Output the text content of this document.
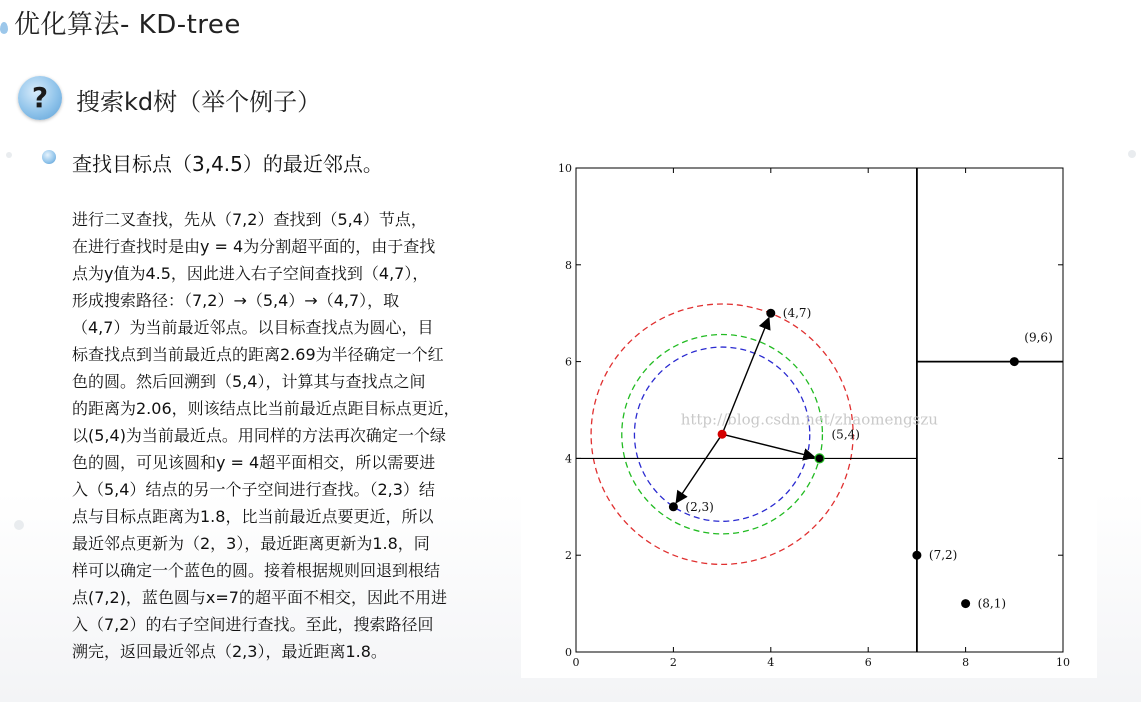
优化算法- KD-tree
? 搜索kd树（举个例子）
查找目标点（3,4.5）的最近邻点。
进行二叉查找，先从（7,2）查找到（5,4）节点，
在进行查找时是由y = 4为分割超平面的，由于查找
点为y值为4.5，因此进入右子空间查找到（4,7），
形成搜索路径：（7,2）→（5,4）→（4,7），取
（4,7）为当前最近邻点。以目标查找点为圆心，目
标查找点到当前最近点的距离2.69为半径确定一个红
色的圆。然后回溯到（5,4），计算其与查找点之间
的距离为2.06，则该结点比当前最近点距目标点更近，
以(5,4)为当前最近点。用同样的方法再次确定一个绿
色的圆，可见该圆和y = 4超平面相交，所以需要进
入（5,4）结点的另一个子空间进行查找。（2,3）结
点与目标点距离为1.8，比当前最近点要更近，所以
最近邻点更新为（2，3），最近距离更新为1.8，同
样可以确定一个蓝色的圆。接着根据规则回退到根结
点(7,2)，蓝色圆与x=7的超平面不相交，因此不用进
入（7,2）的右子空间进行查找。至此，搜索路径回
溯完，返回最近邻点（2,3），最近距离1.8。
http://blog.csdn.net/zhaomengszu
(2,3)
(5,4)
(9,6)
(4,7)
(8,1)
(7,2)
0	2	4	6	8	10
0
2
4
6
8
10
